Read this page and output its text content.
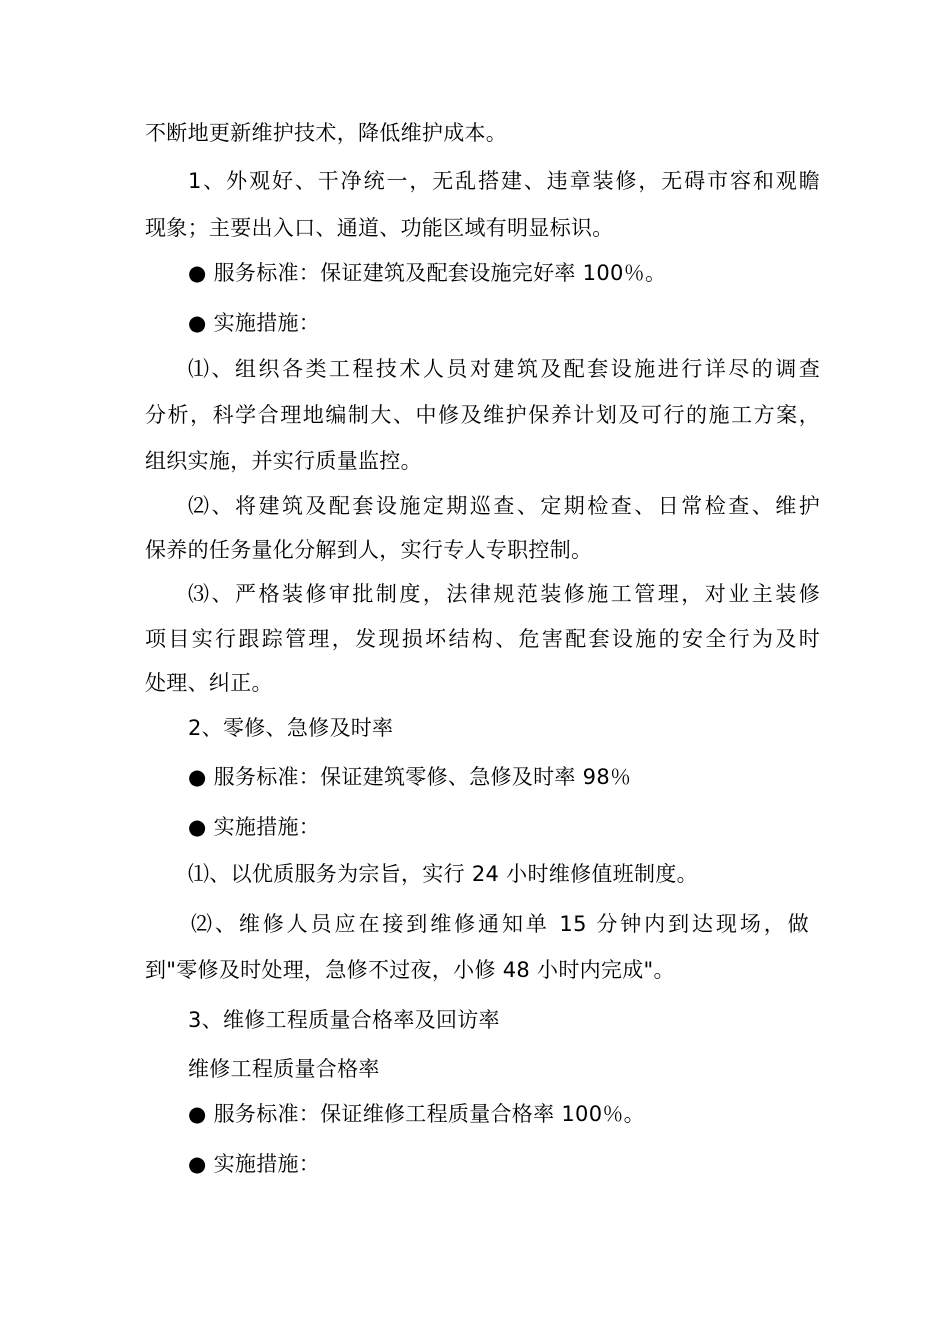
不断地更新维护技术，降低维护成本。
1、外观好、干净统一，无乱搭建、违章装修，无碍市容和观瞻
现象；主要出入口、通道、功能区域有明显标识。
● 服务标准：保证建筑及配套设施完好率 100％。
● 实施措施：
⑴、组织各类工程技术人员对建筑及配套设施进行详尽的调查
分析，科学合理地编制大、中修及维护保养计划及可行的施工方案，
组织实施，并实行质量监控。
⑵、将建筑及配套设施定期巡查、定期检查、日常检查、维护
保养的任务量化分解到人，实行专人专职控制。
⑶、严格装修审批制度，法律规范装修施工管理，对业主装修
项目实行跟踪管理，发现损坏结构、危害配套设施的安全行为及时
处理、纠正。
2、零修、急修及时率
● 服务标准：保证建筑零修、急修及时率 98％
● 实施措施：
⑴、以优质服务为宗旨，实行 24 小时维修值班制度。
⑵、维修人员应在接到维修通知单 15 分钟内到达现场，做
到"零修及时处理，急修不过夜，小修 48 小时内完成"。
3、维修工程质量合格率及回访率
维修工程质量合格率
● 服务标准：保证维修工程质量合格率 100％。
● 实施措施：
